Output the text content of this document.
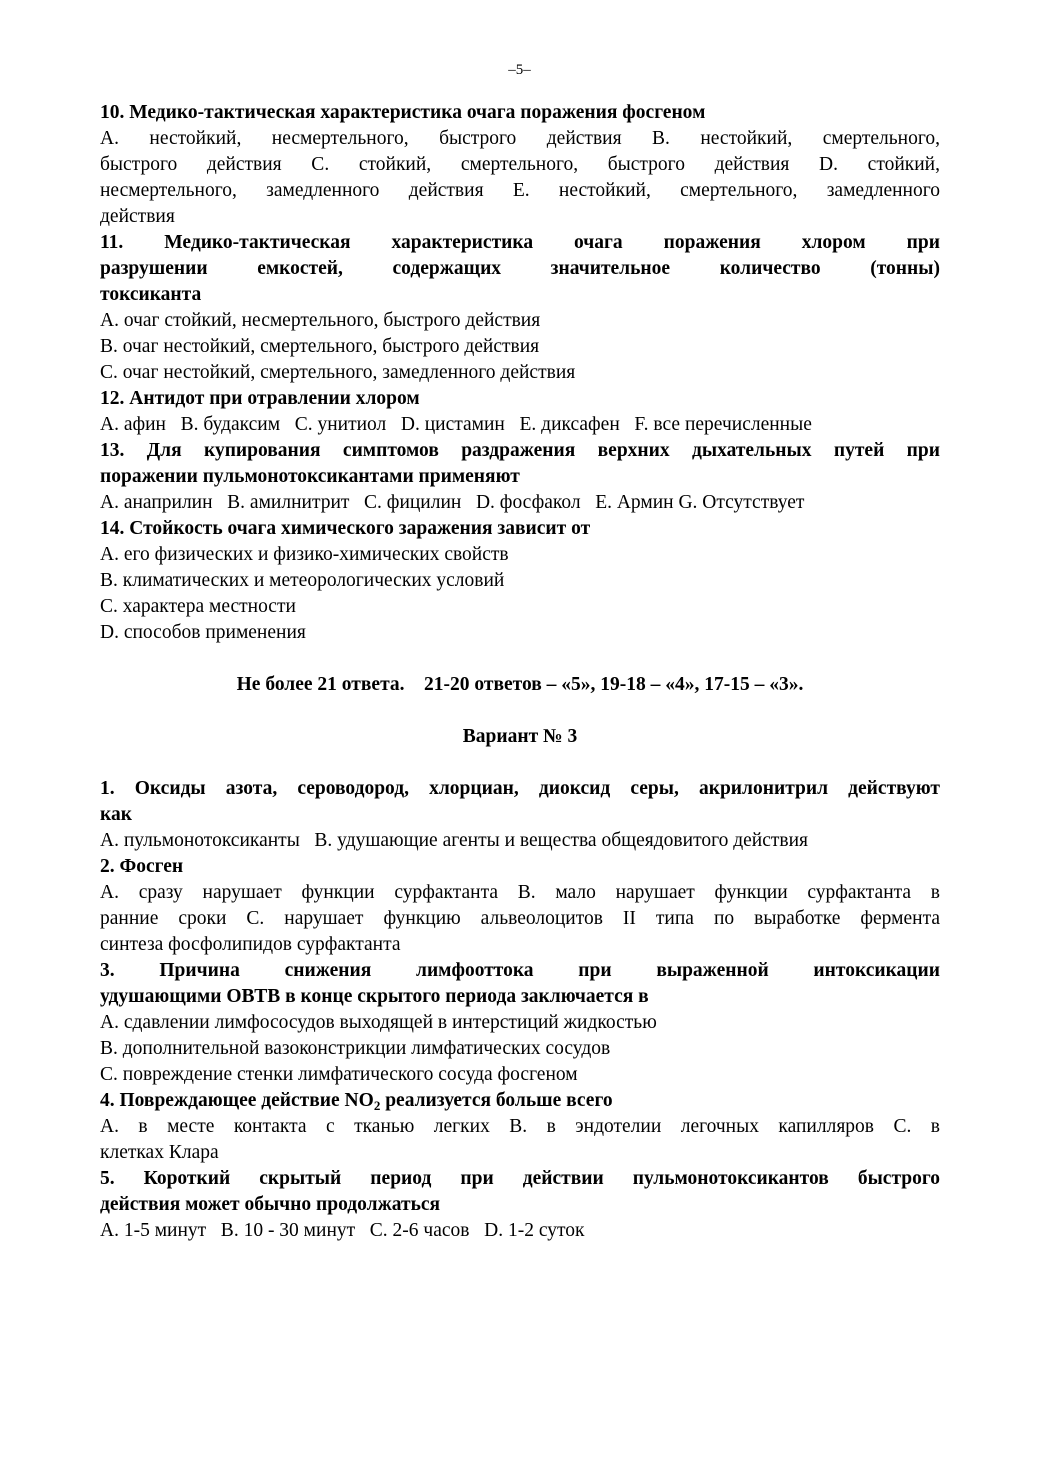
–5–
10. Медико-тактическая характеристика очага поражения фосгеном
A. нестойкий, несмертельного, быстрого действия B. нестойкий, смертельного,
быстрого действия C. стойкий, смертельного, быстрого действия D. стойкий,
несмертельного, замедленного действия E. нестойкий, смертельного, замедленного
действия
11. Медико-тактическая характеристика очага поражения хлором при
разрушении емкостей, содержащих значительное количество (тонны)
токсиканта
A. очаг стойкий, несмертельного, быстрого действия
B. очаг нестойкий, смертельного, быстрого действия
C. очаг нестойкий, смертельного, замедленного действия
12. Антидот при отравлении хлором
A. афин   B. будаксим   C. унитиол   D. цистамин   E. диксафен   F. все перечисленные
13. Для купирования симптомов раздражения верхних дыхательных путей при
поражении пульмонотоксикантами применяют
A. анаприлин   B. амилнитрит   C. фицилин   D. фосфакол   E. Армин G. Отсутствует
14. Стойкость очага химического заражения зависит от
A. его физических и физико-химических свойств
B. климатических и метеорологических условий
C. характера местности
D. способов применения
Не более 21 ответа.    21-20 ответов – «5», 19-18 – «4», 17-15 – «3».
Вариант № 3
1. Оксиды азота, сероводород, хлорциан, диоксид серы, акрилонитрил действуют
как
A. пульмонотоксиканты   B. удушающие агенты и вещества общеядовитого действия
2. Фосген
A. сразу нарушает функции сурфактанта B. мало нарушает функции сурфактанта в
ранние сроки C. нарушает функцию альвеолоцитов II типа по выработке фермента
синтеза фосфолипидов сурфактанта
3. Причина снижения лимфооттока при выраженной интоксикации
удушающими ОВТВ в конце скрытого периода заключается в
A. сдавлении лимфососудов выходящей в интерстиций жидкостью
B. дополнительной вазоконстрикции лимфатических сосудов
C. повреждение стенки лимфатического сосуда фосгеном
4. Повреждающее действие $NO_2$ реализуется больше всего
A. в месте контакта с тканью легких B. в эндотелии легочных капилляров C. в
клетках Клара
5. Короткий скрытый период при действии пульмонотоксикантов быстрого
действия может обычно продолжаться
A. 1-5 минут   B. 10 - 30 минут   C. 2-6 часов   D. 1-2 суток
